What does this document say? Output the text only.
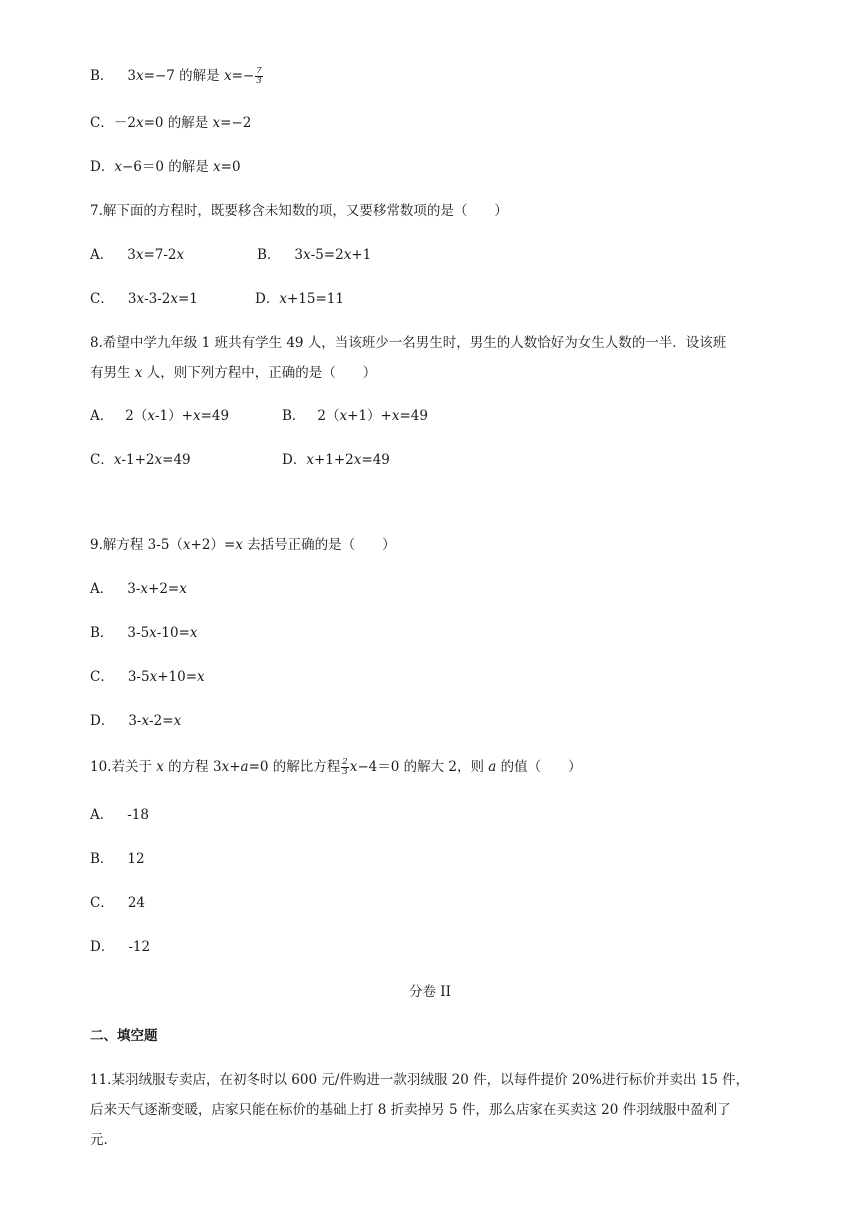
B． 3x=−7 的解是 $x=- \frac{7}{3}$
C．－2x=0 的解是 x=−2
D．x−6＝0 的解是 x=0
7.解下面的方程时，既要移含未知数的项，又要移常数项的是（　　）
A． 3x=7-2x	B． 3x-5=2x+1
C． 3x-3-2x=1	D．x+15=11
8.希望中学九年级 1 班共有学生 49 人，当该班少一名男生时，男生的人数恰好为女生人数的一半．设该班
有男生 x 人，则下列方程中，正确的是（　　）
A． 2（x-1）+x=49	B． 2（x+1）+x=49
C．x-1+2x=49	D．x+1+2x=49
9.解方程 3-5（x+2）=x 去括号正确的是（　　）
A． 3-x+2=x
B． 3-5x-10=x
C． 3-5x+10=x
D． 3-x-2=x
10.若关于 x 的方程 3x+a=0 的解比方程 $\frac{2}{3} x-4=0$ 的解大 2，则 a 的值（　　）
A． -18
B． 12
C． 24
D． -12
分卷 II
二、填空题
11.某羽绒服专卖店，在初冬时以 600 元/件购进一款羽绒服 20 件，以每件提价 20%进行标价并卖出 15 件，
后来天气逐渐变暖，店家只能在标价的基础上打 8 折卖掉另 5 件，那么店家在买卖这 20 件羽绒服中盈利了
元.
